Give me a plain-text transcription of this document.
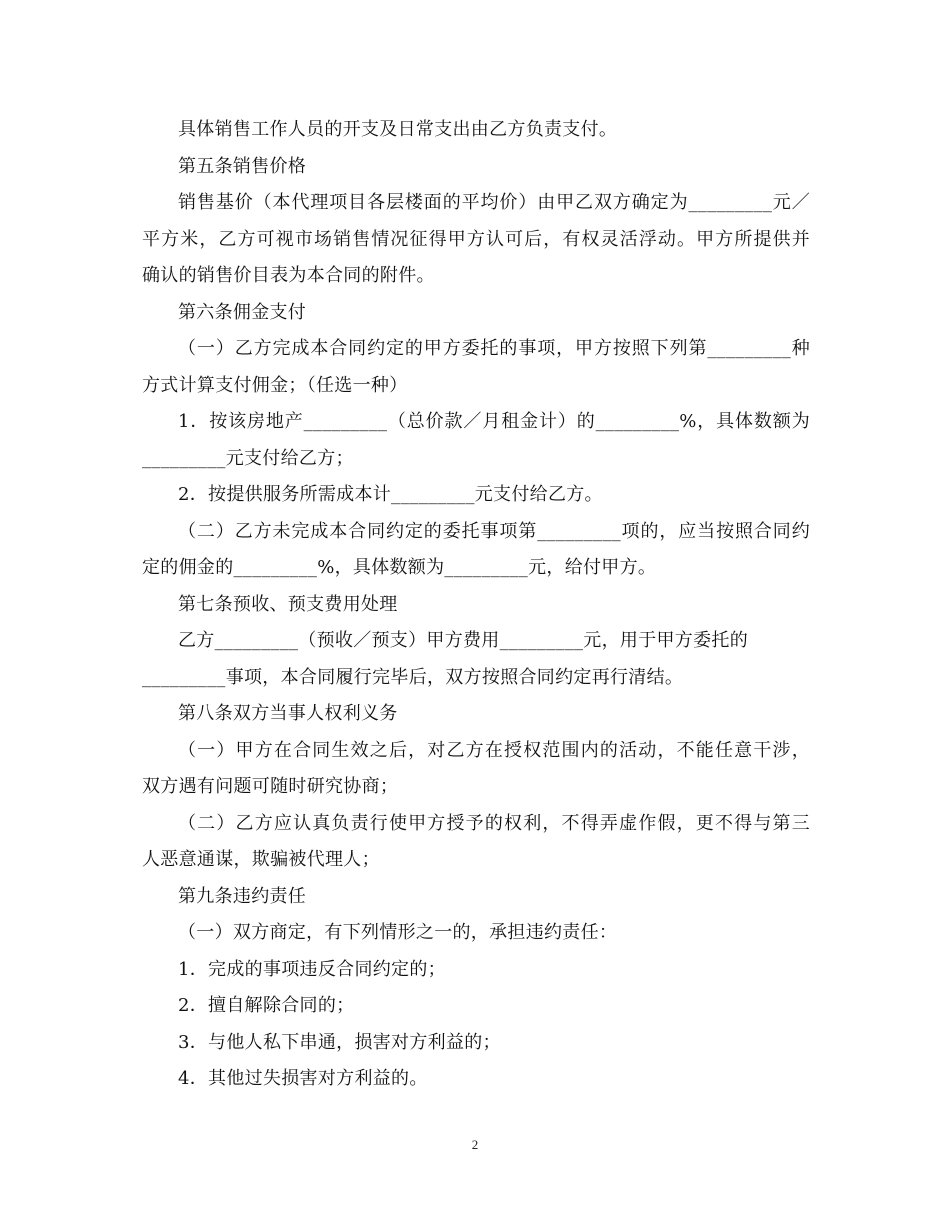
具体销售工作人员的开支及日常支出由乙方负责支付。
第五条销售价格
销售基价（本代理项目各层楼面的平均价）由甲乙双方确定为_________元／
平方米，乙方可视市场销售情况征得甲方认可后，有权灵活浮动。甲方所提供并
确认的销售价目表为本合同的附件。
第六条佣金支付
（一）乙方完成本合同约定的甲方委托的事项，甲方按照下列第_________种
方式计算支付佣金；（任选一种）
1．按该房地产_________（总价款／月租金计）的_________%，具体数额为
_________元支付给乙方；
2．按提供服务所需成本计_________元支付给乙方。
（二）乙方未完成本合同约定的委托事项第_________项的，应当按照合同约
定的佣金的_________%，具体数额为_________元，给付甲方。
第七条预收、预支费用处理
乙方_________（预收／预支）甲方费用_________元，用于甲方委托的
_________事项，本合同履行完毕后，双方按照合同约定再行清结。
第八条双方当事人权利义务
（一）甲方在合同生效之后，对乙方在授权范围内的活动，不能任意干涉，
双方遇有问题可随时研究协商；
（二）乙方应认真负责行使甲方授予的权利，不得弄虚作假，更不得与第三
人恶意通谋，欺骗被代理人；
第九条违约责任
（一）双方商定，有下列情形之一的，承担违约责任：
1．完成的事项违反合同约定的；
2．擅自解除合同的；
3．与他人私下串通，损害对方利益的；
4．其他过失损害对方利益的。
2
